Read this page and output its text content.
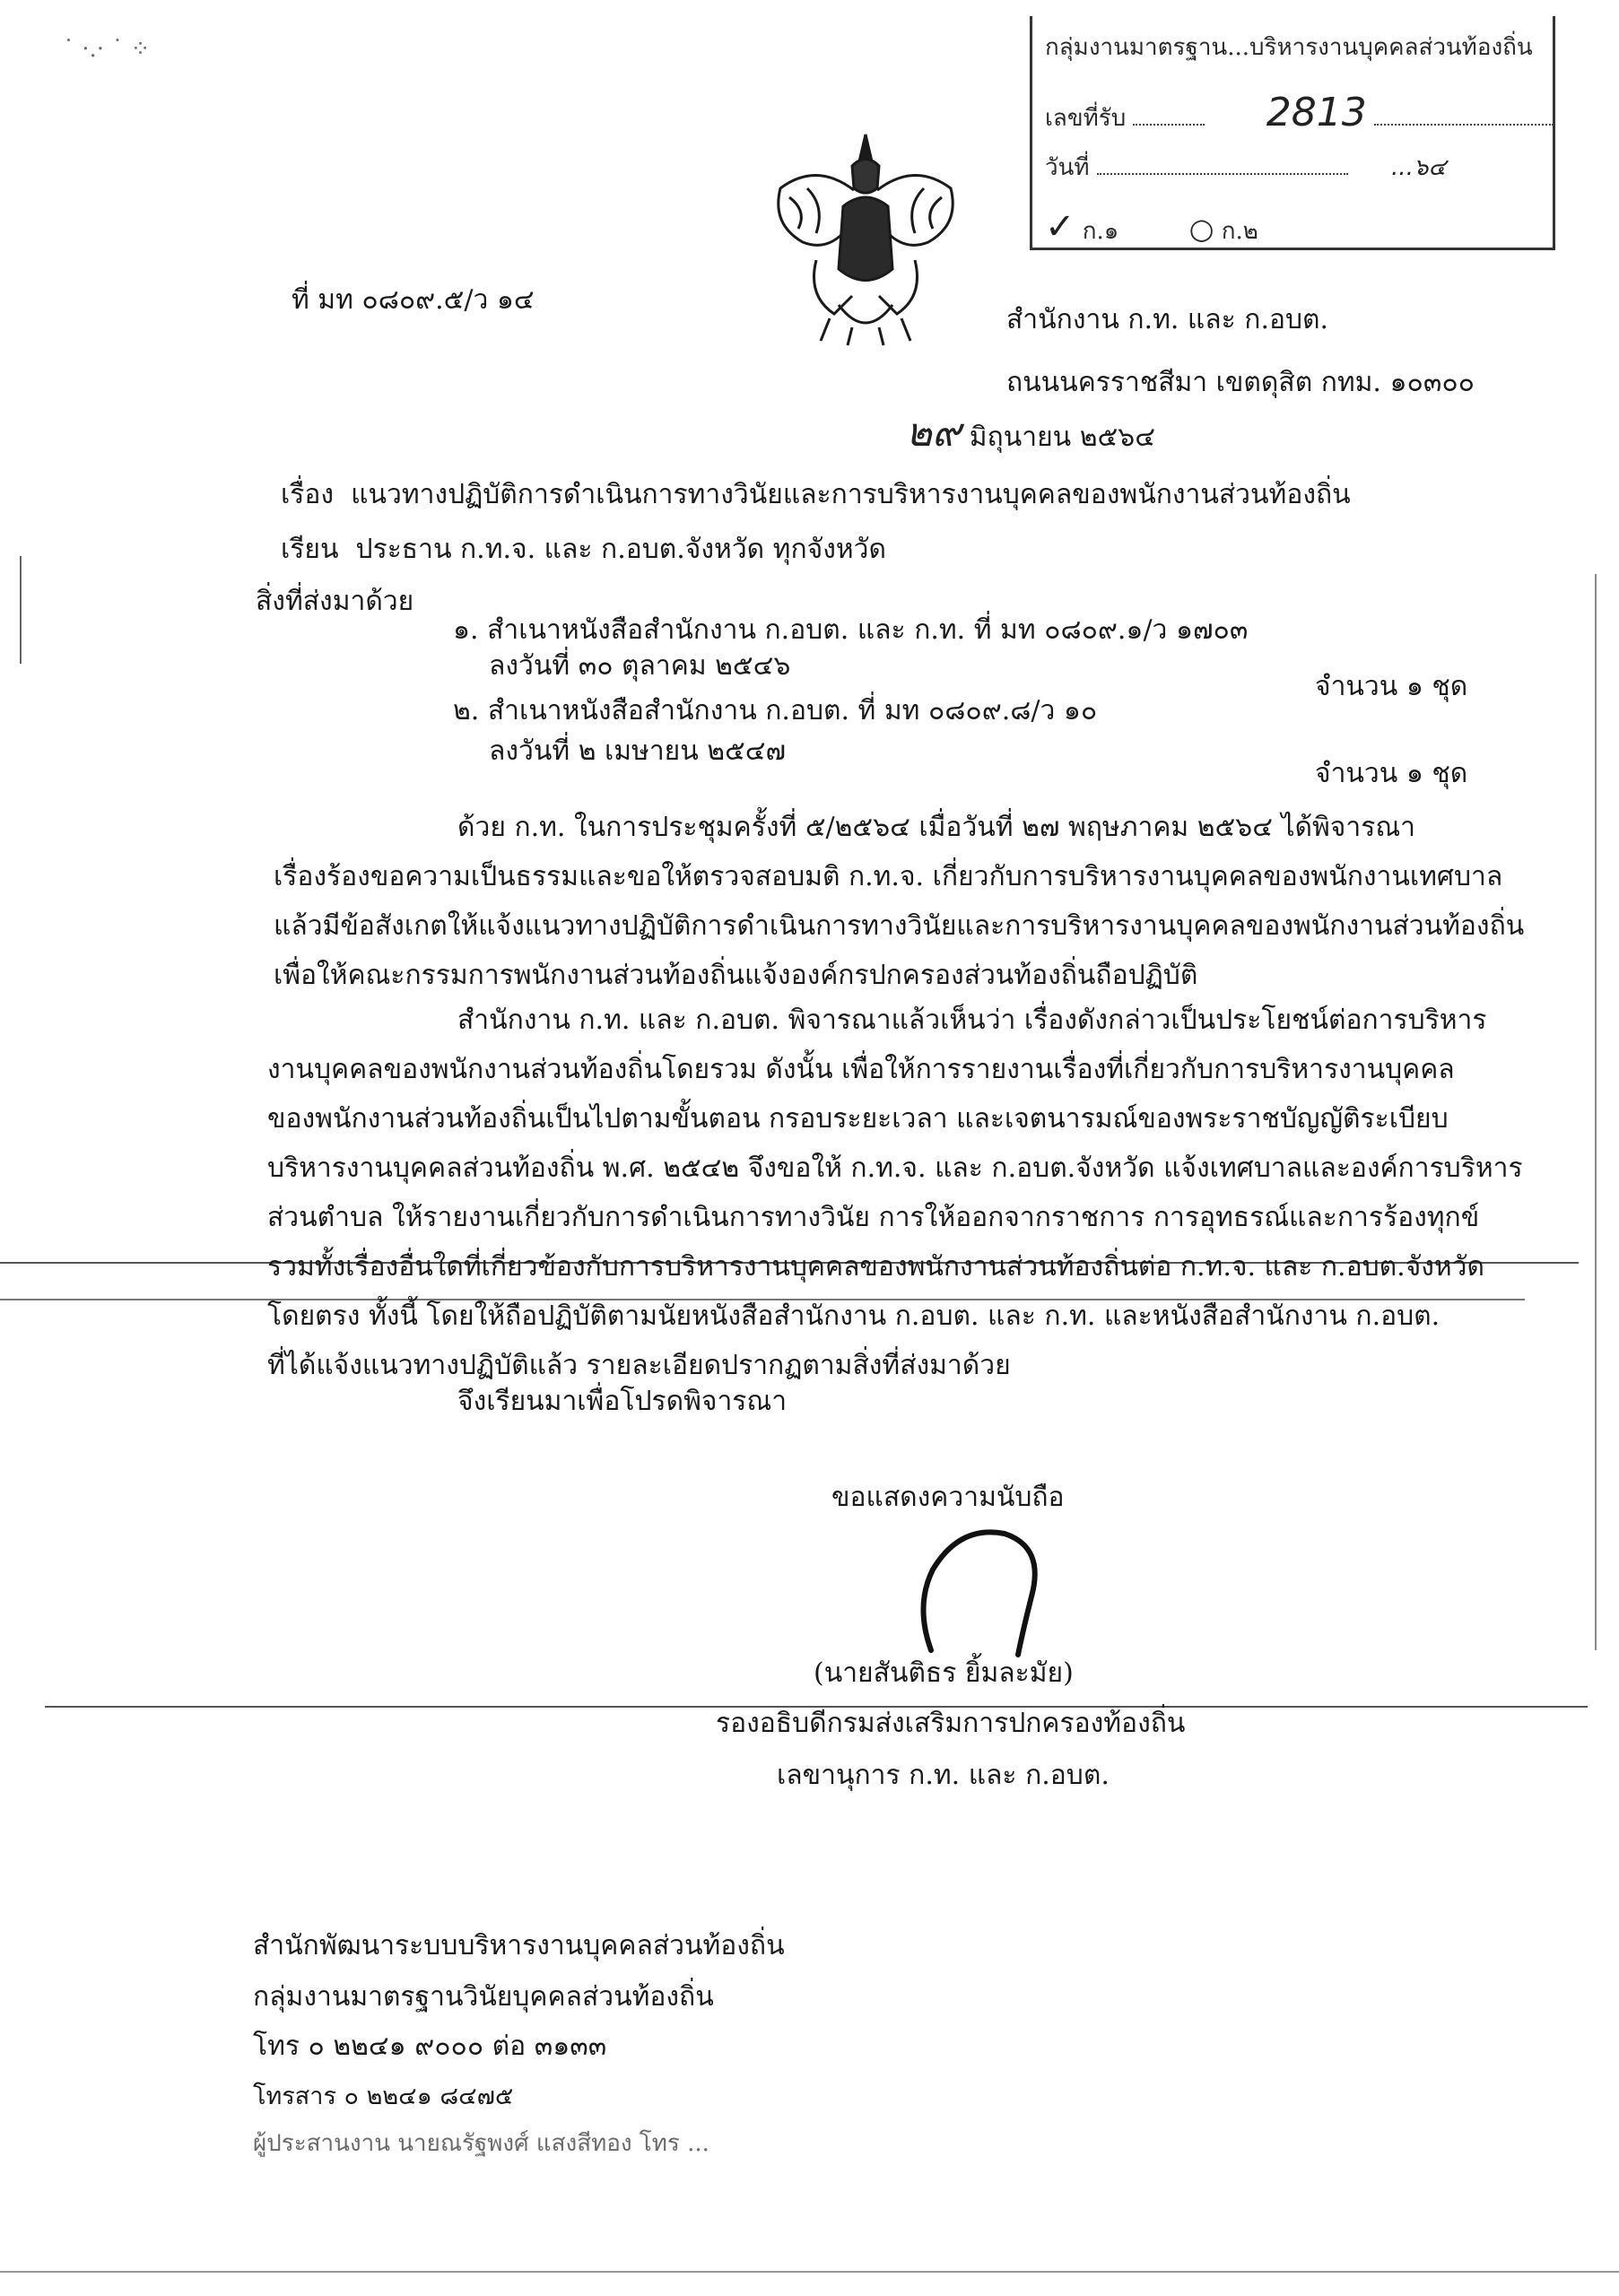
˙ ·.· ˙ ⁘	กลุ่มงานมาตรฐาน...บริหารงานบุคคลส่วนท้องถิ่น
เลขที่รับ	2813
วันที่	...๖๔
✓ ก.๑ ○ ก.๒
ที่ มท ๐๘๐๙.๕/ว ๑๔
สำนักงาน ก.ท. และ ก.อบต.
ถนนนครราชสีมา เขตดุสิต กทม. ๑๐๓๐๐
๒๙ มิถุนายน ๒๕๖๔
เรื่อง แนวทางปฏิบัติการดำเนินการทางวินัยและการบริหารงานบุคคลของพนักงานส่วนท้องถิ่น
เรียน ประธาน ก.ท.จ. และ ก.อบต.จังหวัด ทุกจังหวัด
สิ่งที่ส่งมาด้วย
๑. สำเนาหนังสือสำนักงาน ก.อบต. และ ก.ท. ที่ มท ๐๘๐๙.๑/ว ๑๗๐๓
ลงวันที่ ๓๐ ตุลาคม ๒๕๔๖
จำนวน ๑ ชุด
๒. สำเนาหนังสือสำนักงาน ก.อบต. ที่ มท ๐๘๐๙.๘/ว ๑๐
ลงวันที่ ๒ เมษายน ๒๕๔๗
จำนวน ๑ ชุด

ด้วย ก.ท. ในการประชุมครั้งที่ ๕/๒๕๖๔ เมื่อวันที่ ๒๗ พฤษภาคม ๒๕๖๔ ได้พิจารณา

เรื่องร้องขอความเป็นธรรมและขอให้ตรวจสอบมติ ก.ท.จ. เกี่ยวกับการบริหารงานบุคคลของพนักงานเทศบาล

แล้วมีข้อสังเกตให้แจ้งแนวทางปฏิบัติการดำเนินการทางวินัยและการบริหารงานบุคคลของพนักงานส่วนท้องถิ่น

เพื่อให้คณะกรรมการพนักงานส่วนท้องถิ่นแจ้งองค์กรปกครองส่วนท้องถิ่นถือปฏิบัติ

สำนักงาน ก.ท. และ ก.อบต. พิจารณาแล้วเห็นว่า เรื่องดังกล่าวเป็นประโยชน์ต่อการบริหาร

งานบุคคลของพนักงานส่วนท้องถิ่นโดยรวม ดังนั้น เพื่อให้การรายงานเรื่องที่เกี่ยวกับการบริหารงานบุคคล

ของพนักงานส่วนท้องถิ่นเป็นไปตามขั้นตอน กรอบระยะเวลา และเจตนารมณ์ของพระราชบัญญัติระเบียบ

บริหารงานบุคคลส่วนท้องถิ่น พ.ศ. ๒๕๔๒ จึงขอให้ ก.ท.จ. และ ก.อบต.จังหวัด แจ้งเทศบาลและองค์การบริหาร

ส่วนตำบล ให้รายงานเกี่ยวกับการดำเนินการทางวินัย การให้ออกจากราชการ การอุทธรณ์และการร้องทุกข์

รวมทั้งเรื่องอื่นใดที่เกี่ยวข้องกับการบริหารงานบุคคลของพนักงานส่วนท้องถิ่นต่อ ก.ท.จ. และ ก.อบต.จังหวัด

โดยตรง ทั้งนี้ โดยให้ถือปฏิบัติตามนัยหนังสือสำนักงาน ก.อบต. และ ก.ท. และหนังสือสำนักงาน ก.อบต.

ที่ได้แจ้งแนวทางปฏิบัติแล้ว รายละเอียดปรากฏตามสิ่งที่ส่งมาด้วย

จึงเรียนมาเพื่อโปรดพิจารณา
ขอแสดงความนับถือ
(นายสันติธร ยิ้มละมัย)
รองอธิบดีกรมส่งเสริมการปกครองท้องถิ่น
เลขานุการ ก.ท. และ ก.อบต.
สำนักพัฒนาระบบบริหารงานบุคคลส่วนท้องถิ่น
กลุ่มงานมาตรฐานวินัยบุคคลส่วนท้องถิ่น
โทร ๐ ๒๒๔๑ ๙๐๐๐ ต่อ ๓๑๓๓
โทรสาร ๐ ๒๒๔๑ ๘๔๗๕
ผู้ประสานงาน นายณรัฐพงศ์ แสงสีทอง โทร ...
